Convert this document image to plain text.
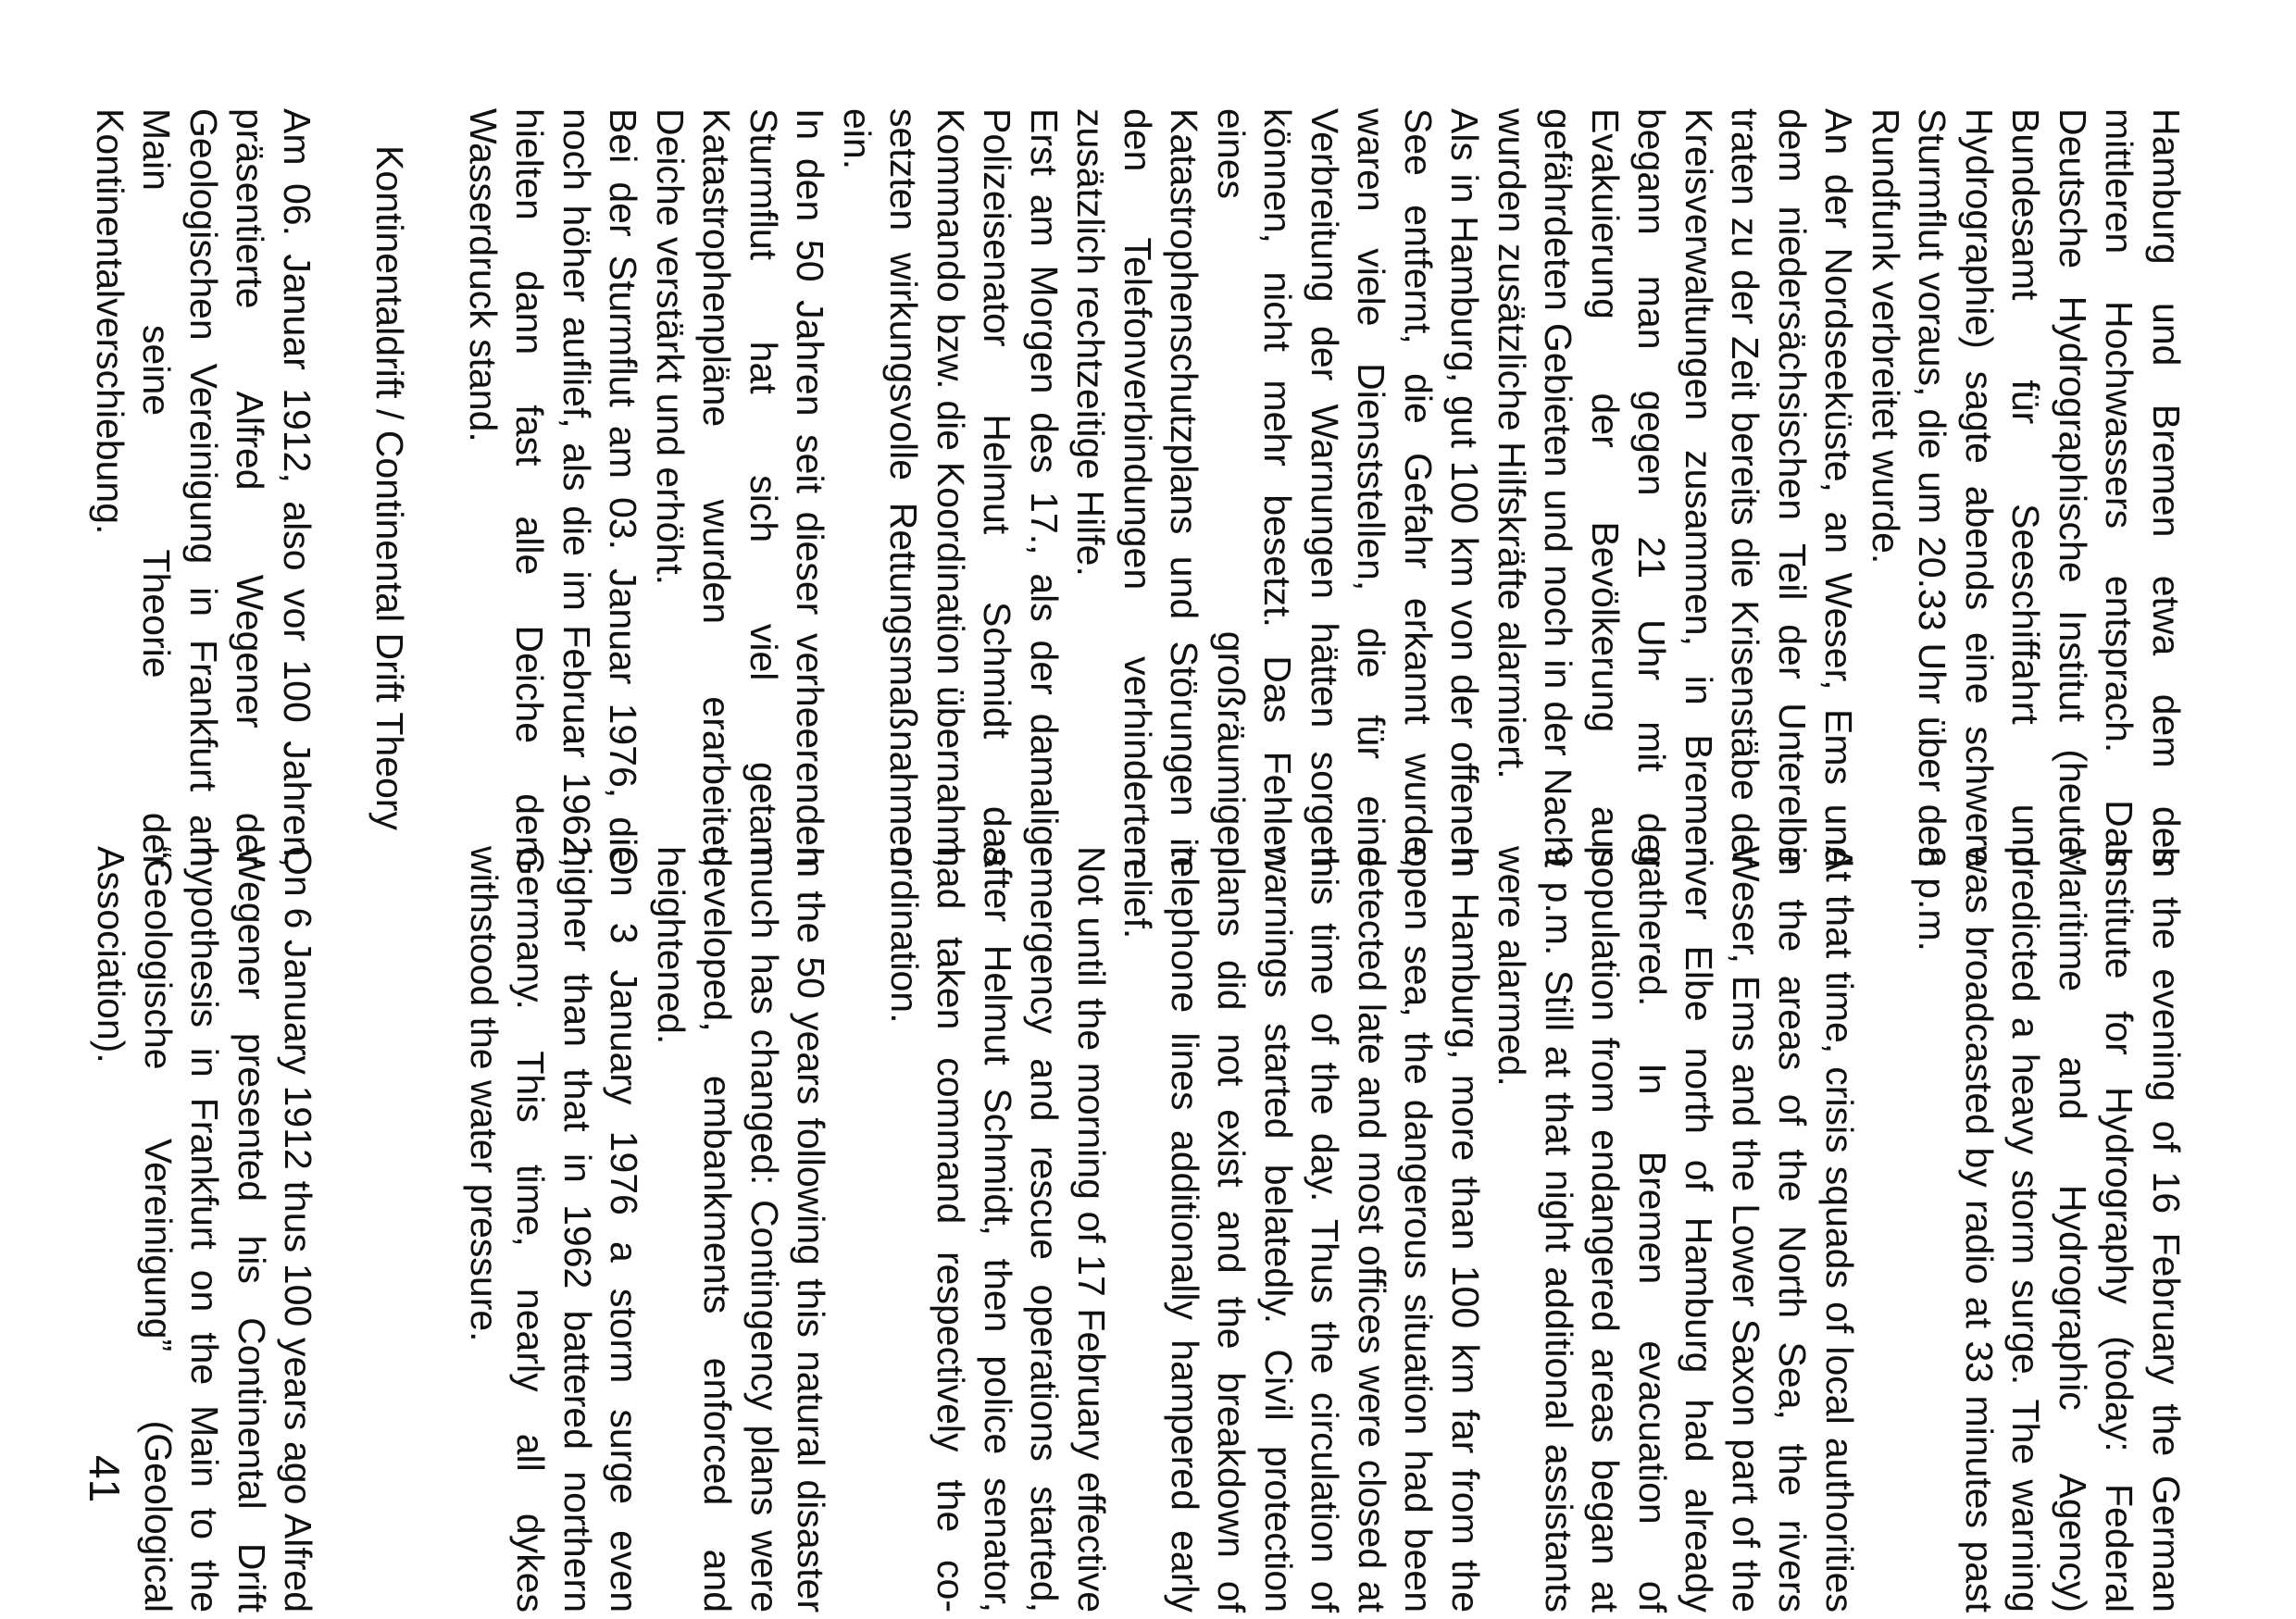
Hamburg und Bremen etwa dem des mittleren Hochwassers entsprach. Das Deutsche Hydrographische Institut (heute: Bundesamt für Seeschiffahrt und Hydrographie) sagte abends eine schwere Sturmflut voraus, die um 20.33 Uhr über den Rundfunk verbreitet wurde.

An der Nordseeküste, an Weser, Ems und dem niedersächsischen Teil der Unterelbe traten zu der Zeit bereits die Krisenstäbe der Kreisverwaltungen zusammen, in Bremen begann man gegen 21 Uhr mit der Evakuierung der Bevölkerung aus gefährdeten Gebieten und noch in der Nacht wurden zusätzliche Hilfskräfte alarmiert.

Als in Hamburg, gut 100 km von der offenen See entfernt, die Gefahr erkannt wurde, waren viele Dienststellen, die für eine Verbreitung der Warnungen hätten sorgen können, nicht mehr besetzt. Das Fehlen eines großräumigen Katastrophenschutzplans und Störungen in den Telefonverbindungen verhinderten zusätzlich rechtzeitige Hilfe.

Erst am Morgen des 17., als der damalige Polizeisenator Helmut Schmidt das Kommando bzw. die Koordination übernahm, setzten wirkungsvolle Rettungsmaßnahmen ein.

In den 50 Jahren seit dieser verheerenden Sturmflut hat sich viel getan: Katastrophenpläne wurden erarbeitet, Deiche verstärkt und erhöht.

Bei der Sturmflut am 03. Januar 1976, die noch höher auflief, als die im Februar 1962, hielten dann fast alle Deiche dem Wasserdruck stand.

Kontinentaldrift / Continental Drift Theory

Am 06. Januar 1912, also vor 100 Jahren, präsentierte Alfred Wegener der Geologischen Vereinigung in Frankfurt am Main seine Theorie der Kontinentalverschiebung.

In the evening of 16 February the German Institute for Hydrography (today: Federal Maritime and Hydrographic Agency) predicted a heavy storm surge. The warning was broadcasted by radio at 33 minutes past 8 p.m.

At that time, crisis squads of local authorities in the areas of the North Sea, the rivers Weser, Ems and the Lower Saxon part of the river Elbe north of Hamburg had already gathered. In Bremen evacuation of population from endangered areas began at 9 p.m. Still at that night additional assistants were alarmed.

In Hamburg, more than 100 km far from the open sea, the dangerous situation had been detected late and most offices were closed at this time of the day. Thus the circulation of warnings started belatedly. Civil protection plans did not exist and the breakdown of telephone lines additionally hampered early relief.

Not until the morning of 17 February effective emergency and rescue operations started, after Helmut Schmidt, then police senator, had taken command respectively the co-ordination.

In the 50 years following this natural disaster much has changed: Contingency plans were developed, embankments enforced and heightened.

On 3 January 1976 a storm surge even higher than that in 1962 battered northern Germany. This time, nearly all dykes withstood the water pressure.

On 6 January 1912 thus 100 years ago Alfred Wegener presented his Continental Drift hypothesis in Frankfurt on the Main to the “Geologische Vereinigung” (Geological Association).

41
